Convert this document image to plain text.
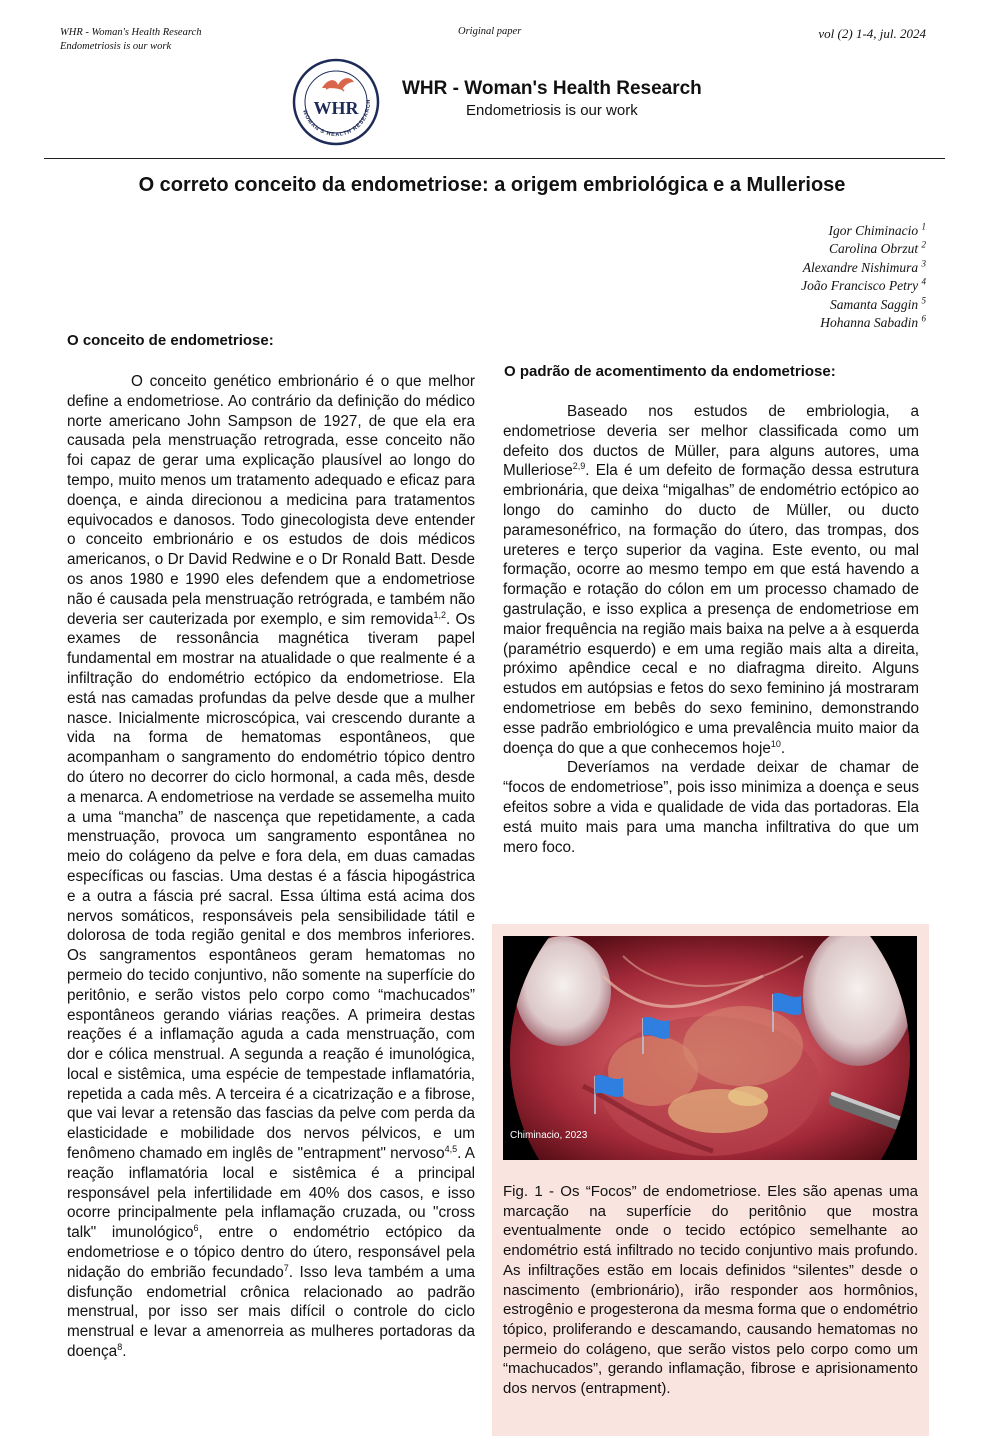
WHR - Woman's Health Research
Endometriosis is our work
Original paper	vol (2) 1-4, jul. 2024
WHR
WOMAN'S HEALTH RESEARCH
WHR - Woman's Health Research
Endometriosis is our work
O correto conceito da endometriose: a origem embriológica e a Mulleriose
Igor Chiminacio $^1$
Carolina Obrzut $^2$
Alexandre Nishimura $^3$
João Francisco Petry $^4$
Samanta Saggin $^5$
Hohanna Sabadin $^6$
O conceito de endometriose:

O conceito genético embrionário é o que melhor define a endometriose. Ao contrário da definição do médico norte americano John Sampson de 1927, de que ela era causada pela menstruação retrograda, esse conceito não foi capaz de gerar uma explicação plausível ao longo do tempo, muito menos um tratamento adequado e eficaz para doença, e ainda direcionou a medicina para tratamentos equivocados e danosos. Todo ginecologista deve entender o conceito embrionário e os estudos de dois médicos americanos, o Dr David Redwine e o Dr Ronald Batt. Desde os anos 1980 e 1990 eles defendem que a endometriose não é causada pela menstruação retrógrada, e também não deveria ser cauterizada por exemplo, e sim removida$^{1,2}$. Os exames de ressonância magnética tiveram papel fundamental em mostrar na atualidade o que realmente é a infiltração do endométrio ectópico da endometriose. Ela está nas camadas profundas da pelve desde que a mulher nasce. Inicialmente microscópica, vai crescendo durante a vida na forma de hematomas espontâneos, que acompanham o sangramento do endométrio tópico dentro do útero no decorrer do ciclo hormonal, a cada mês, desde a menarca. A endometriose na verdade se assemelha muito a uma “mancha” de nascença que repetidamente, a cada menstruação, provoca um sangramento espontânea no meio do colágeno da pelve e fora dela, em duas camadas específicas ou fascias. Uma destas é a fáscia hipogástrica e a outra a fáscia pré sacral. Essa última está acima dos nervos somáticos, responsáveis pela sensibilidade tátil e dolorosa de toda região genital e dos membros inferiores. Os sangramentos espontâneos geram hematomas no permeio do tecido conjuntivo, não somente na superfície do peritônio, e serão vistos pelo corpo como “machucados” espontâneos gerando viárias reações. A primeira destas reações é a inflamação aguda a cada menstruação, com dor e cólica menstrual. A segunda a reação é imunológica, local e sistêmica, uma espécie de tempestade inflamatória, repetida a cada mês. A terceira é a cicatrização e a fibrose, que vai levar a retensão das fascias da pelve com perda da elasticidade e mobilidade dos nervos pélvicos, e um fenômeno chamado em inglês de "entrapment" nervoso$^{4,5}$. A reação inflamatória local e sistêmica é a principal responsável pela infertilidade em 40% dos casos, e isso ocorre principalmente pela inflamação cruzada, ou "cross talk" imunológico$^6$, entre o endométrio ectópico da endometriose e o tópico dentro do útero, responsável pela nidação do embrião fecundado$^7$. Isso leva também a uma disfunção endometrial crônica relacionado ao padrão menstrual, por isso ser mais difícil o controle do ciclo menstrual e levar a amenorreia as mulheres portadoras da doença$^8$.

O padrão de acomentimento da endometriose:

Baseado nos estudos de embriologia, a endometriose deveria ser melhor classificada como um defeito dos ductos de Müller, para alguns autores, uma Mulleriose$^{2,9}$. Ela é um defeito de formação dessa estrutura embrionária, que deixa “migalhas” de endométrio ectópico ao longo do caminho do ducto de Müller, ou ducto paramesonéfrico, na formação do útero, das trompas, dos ureteres e terço superior da vagina. Este evento, ou mal formação, ocorre ao mesmo tempo em que está havendo a formação e rotação do cólon em um processo chamado de gastrulação, e isso explica a presença de endometriose em maior frequência na região mais baixa na pelve a à esquerda (paramétrio esquerdo) e em uma região mais alta a direita, próximo apêndice cecal e no diafragma direito. Alguns estudos em autópsias e fetos do sexo feminino já mostraram endometriose em bebês do sexo feminino, demonstrando esse padrão embriológico e uma prevalência muito maior da doença do que a que conhecemos hoje$^{10}$.

Deveríamos na verdade deixar de chamar de “focos de endometriose”, pois isso minimiza a doença e seus efeitos sobre a vida e qualidade de vida das portadoras. Ela está muito mais para uma mancha infiltrativa do que um mero foco.

Chiminacio, 2023
Fig. 1 - Os “Focos” de endometriose. Eles são apenas uma marcação na superfície do peritônio que mostra eventualmente onde o tecido ectópico semelhante ao endométrio está infiltrado no tecido conjuntivo mais profundo. As infiltrações estão em locais definidos “silentes” desde o nascimento (embrionário), irão responder aos hormônios, estrogênio e progesterona da mesma forma que o endométrio tópico, proliferando e descamando, causando hematomas no permeio do colágeno, que serão vistos pelo corpo como um “machucados”, gerando inflamação, fibrose e aprisionamento dos nervos (entrapment).
